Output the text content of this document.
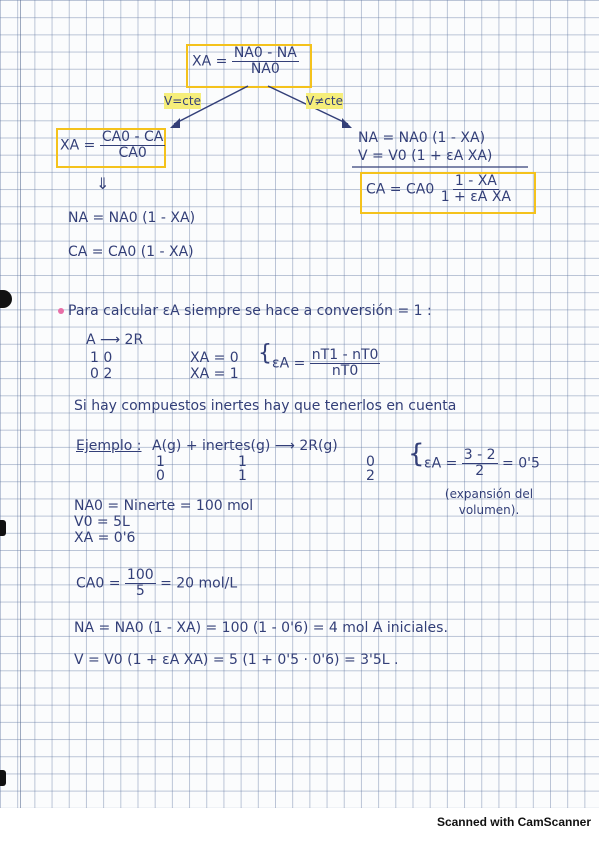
XA = $\frac{NA0 - NA}{NA0}$
V=cte	V≠cte
XA = $\frac{CA0 - CA}{CA0}$
⇓
NA = NA0 (1 - XA)
CA = CA0 (1 - XA)
NA = NA0 (1 - XA)
V = V0 (1 + εA XA)
CA = $CA0 \frac{1 - XA}{\text{1 + εA XA}}$
Para calcular εA siempre se hace a conversión = 1 :
A ⟶ 2R
1 0
0 2
XA = 0
XA = 1
{ $\varepsilon A = \frac{nT1 - nT0}{nT0}$
Si hay compuestos inertes hay que tenerlos en cuenta
Ejemplo : A(g) + inertes(g) ⟶ 2R(g)
1
0
1
1
0
2
{ $\varepsilon A = \frac{3 - 2}{2} = 0'5$
(expansión del volumen).
NA0 = Ninerte = 100 mol
V0 = 5L
XA = 0'6
$CA0 = \frac{100}{5} = 20$ mol/L
NA = NA0 (1 - XA) = 100 (1 - 0'6) = 4 mol A iniciales.
V = V0 (1 + εA XA) = 5 (1 + 0'5 · 0'6) = 3'5L .
Scanned with CamScanner
